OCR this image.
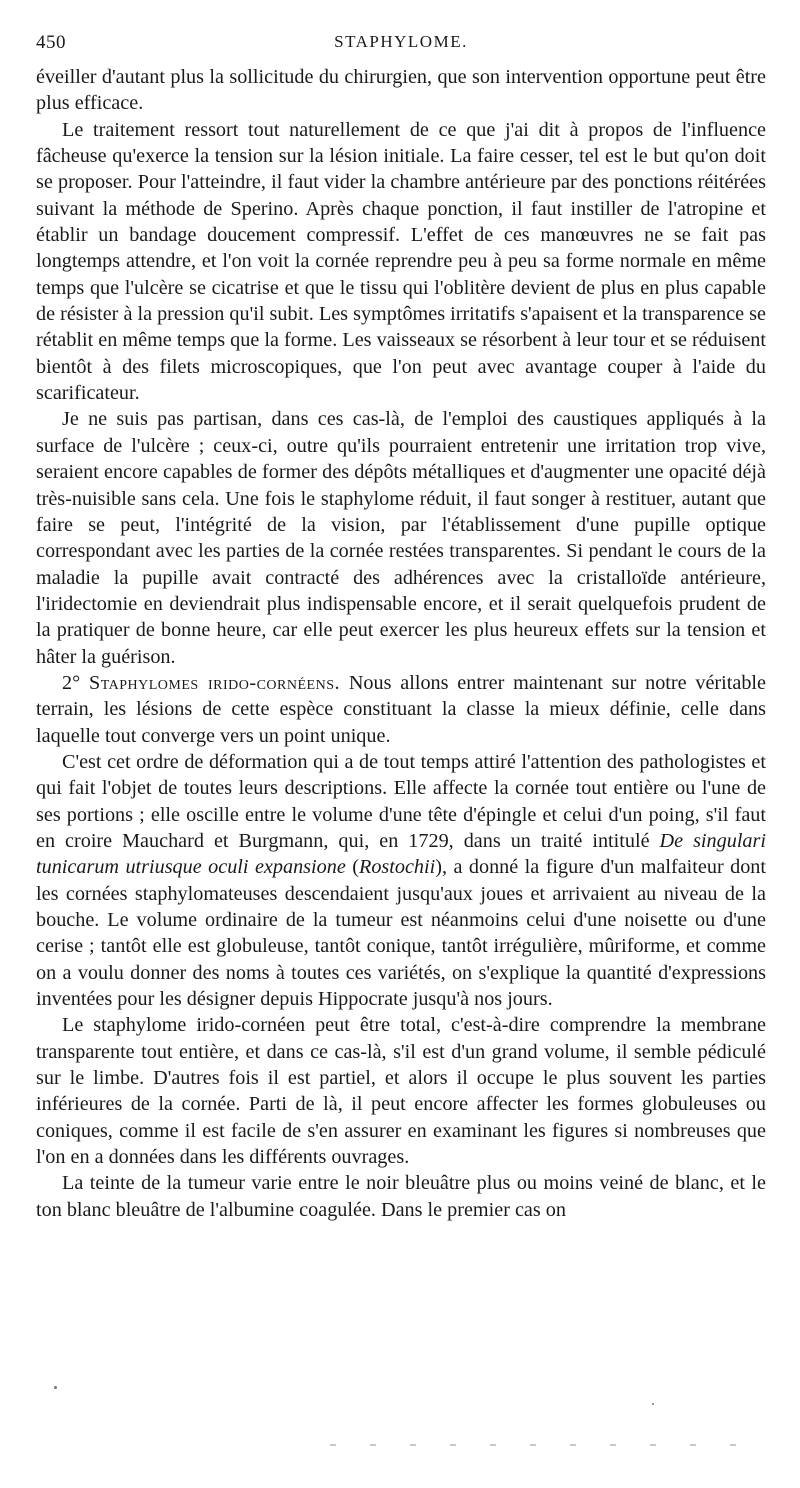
450	STAPHYLOME.

éveiller d'autant plus la sollicitude du chirurgien, que son intervention opportune peut être plus efficace.

Le traitement ressort tout naturellement de ce que j'ai dit à propos de l'influence fâcheuse qu'exerce la tension sur la lésion initiale. La faire cesser, tel est le but qu'on doit se proposer. Pour l'atteindre, il faut vider la chambre antérieure par des ponctions réitérées suivant la méthode de Sperino. Après chaque ponction, il faut instiller de l'atropine et établir un bandage doucement compressif. L'effet de ces manœuvres ne se fait pas longtemps attendre, et l'on voit la cornée reprendre peu à peu sa forme normale en même temps que l'ulcère se cicatrise et que le tissu qui l'oblitère devient de plus en plus capable de résister à la pression qu'il subit. Les symptômes irritatifs s'apaisent et la transparence se rétablit en même temps que la forme. Les vaisseaux se résorbent à leur tour et se réduisent bientôt à des filets microscopiques, que l'on peut avec avantage couper à l'aide du scarificateur.

Je ne suis pas partisan, dans ces cas-là, de l'emploi des caustiques appliqués à la surface de l'ulcère ; ceux-ci, outre qu'ils pourraient entretenir une irritation trop vive, seraient encore capables de former des dépôts métalliques et d'augmenter une opacité déjà très-nuisible sans cela. Une fois le staphylome réduit, il faut songer à restituer, autant que faire se peut, l'intégrité de la vision, par l'établissement d'une pupille optique correspondant avec les parties de la cornée restées transparentes. Si pendant le cours de la maladie la pupille avait contracté des adhérences avec la cristalloïde antérieure, l'iridectomie en deviendrait plus indispensable encore, et il serait quelquefois prudent de la pratiquer de bonne heure, car elle peut exercer les plus heureux effets sur la tension et hâter la guérison.

2° Staphylomes irido-cornéens. Nous allons entrer maintenant sur notre véritable terrain, les lésions de cette espèce constituant la classe la mieux définie, celle dans laquelle tout converge vers un point unique.

C'est cet ordre de déformation qui a de tout temps attiré l'attention des pathologistes et qui fait l'objet de toutes leurs descriptions. Elle affecte la cornée tout entière ou l'une de ses portions ; elle oscille entre le volume d'une tête d'épingle et celui d'un poing, s'il faut en croire Mauchard et Burgmann, qui, en 1729, dans un traité intitulé De singulari tunicarum utriusque oculi expansione (Rostochii), a donné la figure d'un malfaiteur dont les cornées staphylomateuses descendaient jusqu'aux joues et arrivaient au niveau de la bouche. Le volume ordinaire de la tumeur est néanmoins celui d'une noisette ou d'une cerise ; tantôt elle est globuleuse, tantôt conique, tantôt irrégulière, mûriforme, et comme on a voulu donner des noms à toutes ces variétés, on s'explique la quantité d'expressions inventées pour les désigner depuis Hippocrate jusqu'à nos jours.

Le staphylome irido-cornéen peut être total, c'est-à-dire comprendre la membrane transparente tout entière, et dans ce cas-là, s'il est d'un grand volume, il semble pédiculé sur le limbe. D'autres fois il est partiel, et alors il occupe le plus souvent les parties inférieures de la cornée. Parti de là, il peut encore affecter les formes globuleuses ou coniques, comme il est facile de s'en assurer en examinant les figures si nombreuses que l'on en a données dans les différents ouvrages.

La teinte de la tumeur varie entre le noir bleuâtre plus ou moins veiné de blanc, et le ton blanc bleuâtre de l'albumine coagulée. Dans le premier cas on
